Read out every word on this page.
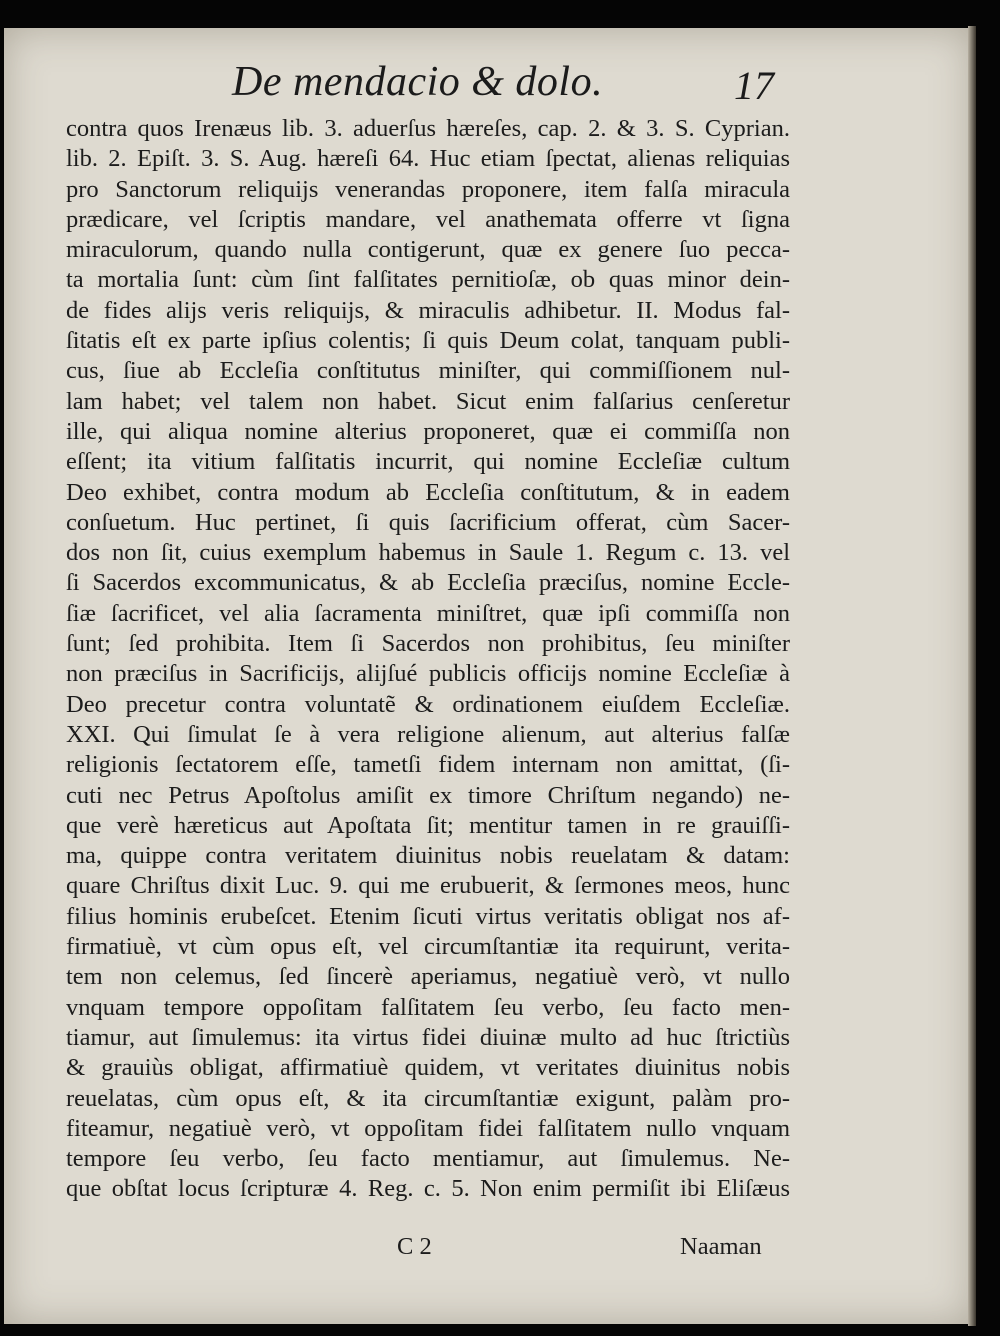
De mendacio & dolo.	17
contra quos Irenæus lib. 3. aduerſus hæreſes, cap. 2. & 3. S. Cyprian.
lib. 2. Epiſt. 3. S. Aug. hæreſi 64. Huc etiam ſpectat, alienas reliquias
pro Sanctorum reliquijs venerandas proponere, item falſa miracula
prædicare, vel ſcriptis mandare, vel anathemata offerre vt ſigna
miraculorum, quando nulla contigerunt, quæ ex genere ſuo pecca-
ta mortalia ſunt: cùm ſint falſitates pernitioſæ, ob quas minor dein-
de fides alijs veris reliquijs, & miraculis adhibetur. II. Modus fal-
ſitatis eſt ex parte ipſius colentis; ſi quis Deum colat, tanquam publi-
cus, ſiue ab Eccleſia conſtitutus miniſter, qui commiſſionem nul-
lam habet; vel talem non habet. Sicut enim falſarius cenſeretur
ille, qui aliqua nomine alterius proponeret, quæ ei commiſſa non
eſſent; ita vitium falſitatis incurrit, qui nomine Eccleſiæ cultum
Deo exhibet, contra modum ab Eccleſia conſtitutum, & in eadem
conſuetum. Huc pertinet, ſi quis ſacrificium offerat, cùm Sacer-
dos non ſit, cuius exemplum habemus in Saule 1. Regum c. 13. vel
ſi Sacerdos excommunicatus, & ab Eccleſia præciſus, nomine Eccle-
ſiæ ſacrificet, vel alia ſacramenta miniſtret, quæ ipſi commiſſa non
ſunt; ſed prohibita. Item ſi Sacerdos non prohibitus, ſeu miniſter
non præciſus in Sacrificijs, alijſué publicis officijs nomine Eccleſiæ à
Deo precetur contra voluntatẽ & ordinationem eiuſdem Eccleſiæ.
XXI. Qui ſimulat ſe à vera religione alienum, aut alterius falſæ
religionis ſectatorem eſſe, tametſi fidem internam non amittat, (ſi-
cuti nec Petrus Apoſtolus amiſit ex timore Chriſtum negando) ne-
que verè hæreticus aut Apoſtata ſit; mentitur tamen in re grauiſſi-
ma, quippe contra veritatem diuinitus nobis reuelatam & datam:
quare Chriſtus dixit Luc. 9. qui me erubuerit, & ſermones meos, hunc
filius hominis erubeſcet. Etenim ſicuti virtus veritatis obligat nos af-
firmatiuè, vt cùm opus eſt, vel circumſtantiæ ita requirunt, verita-
tem non celemus, ſed ſincerè aperiamus, negatiuè verò, vt nullo
vnquam tempore oppoſitam falſitatem ſeu verbo, ſeu facto men-
tiamur, aut ſimulemus: ita virtus fidei diuinæ multo ad huc ſtrictiùs
& grauiùs obligat, affirmatiuè quidem, vt veritates diuinitus nobis
reuelatas, cùm opus eſt, & ita circumſtantiæ exigunt, palàm pro-
fiteamur, negatiuè verò, vt oppoſitam fidei falſitatem nullo vnquam
tempore ſeu verbo, ſeu facto mentiamur, aut ſimulemus. Ne-
que obſtat locus ſcripturæ 4. Reg. c. 5. Non enim permiſit ibi Eliſæus
C 2	Naaman
